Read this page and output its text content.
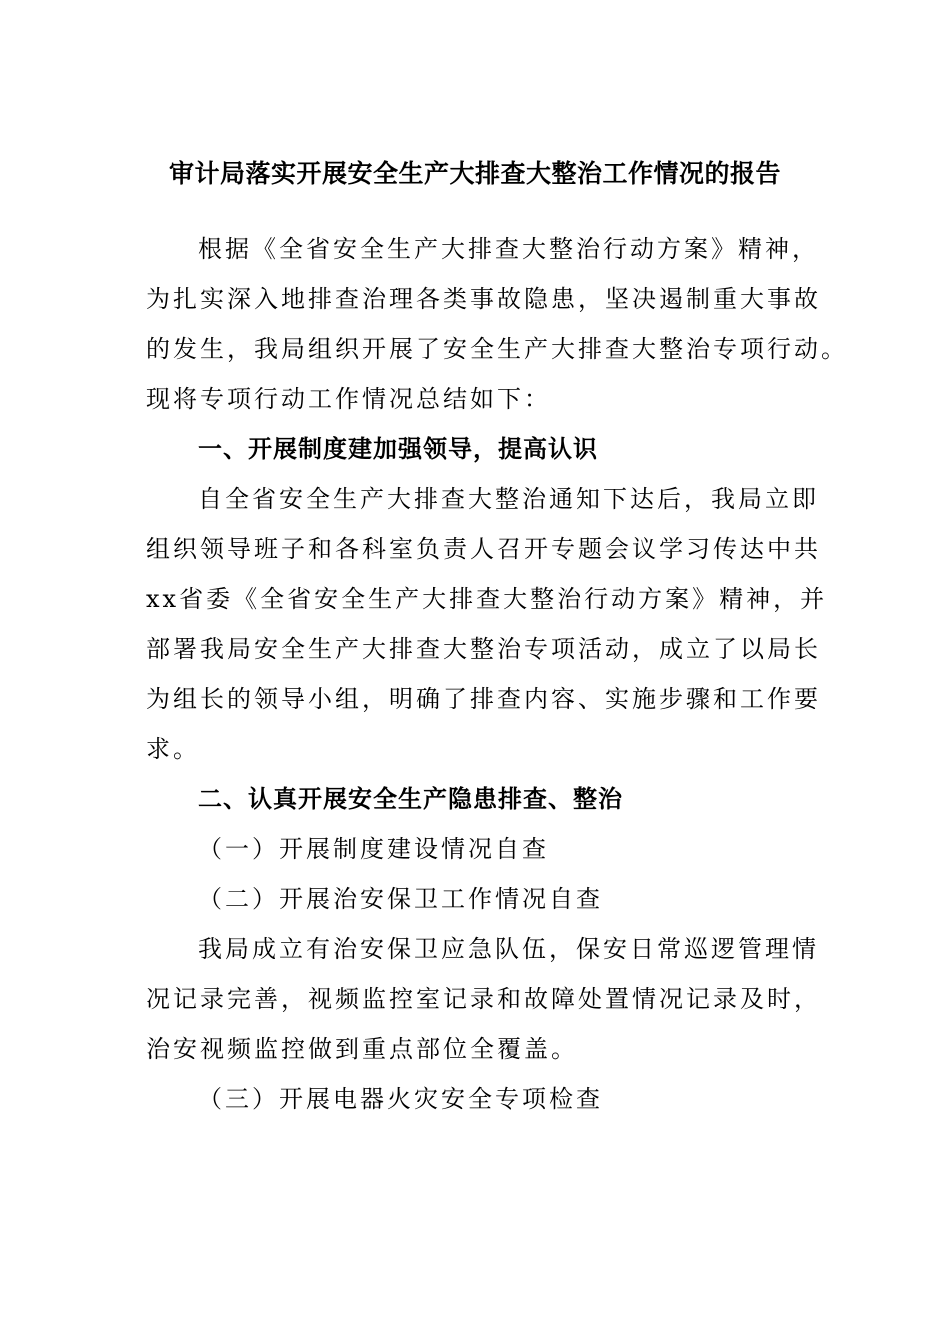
审计局落实开展安全生产大排查大整治工作情况的报告
根据《全省安全生产大排查大整治行动方案》精神，
为扎实深入地排查治理各类事故隐患，坚决遏制重大事故
的发生，我局组织开展了安全生产大排查大整治专项行动。
现将专项行动工作情况总结如下：
一、开展制度建加强领导，提高认识
自全省安全生产大排查大整治通知下达后，我局立即
组织领导班子和各科室负责人召开专题会议学习传达中共
xx省委《全省安全生产大排查大整治行动方案》精神，并
部署我局安全生产大排查大整治专项活动，成立了以局长
为组长的领导小组，明确了排查内容、实施步骤和工作要
求。
二、认真开展安全生产隐患排查、整治
（一）开展制度建设情况自查
（二）开展治安保卫工作情况自查
我局成立有治安保卫应急队伍，保安日常巡逻管理情
况记录完善，视频监控室记录和故障处置情况记录及时，
治安视频监控做到重点部位全覆盖。
（三）开展电器火灾安全专项检查
